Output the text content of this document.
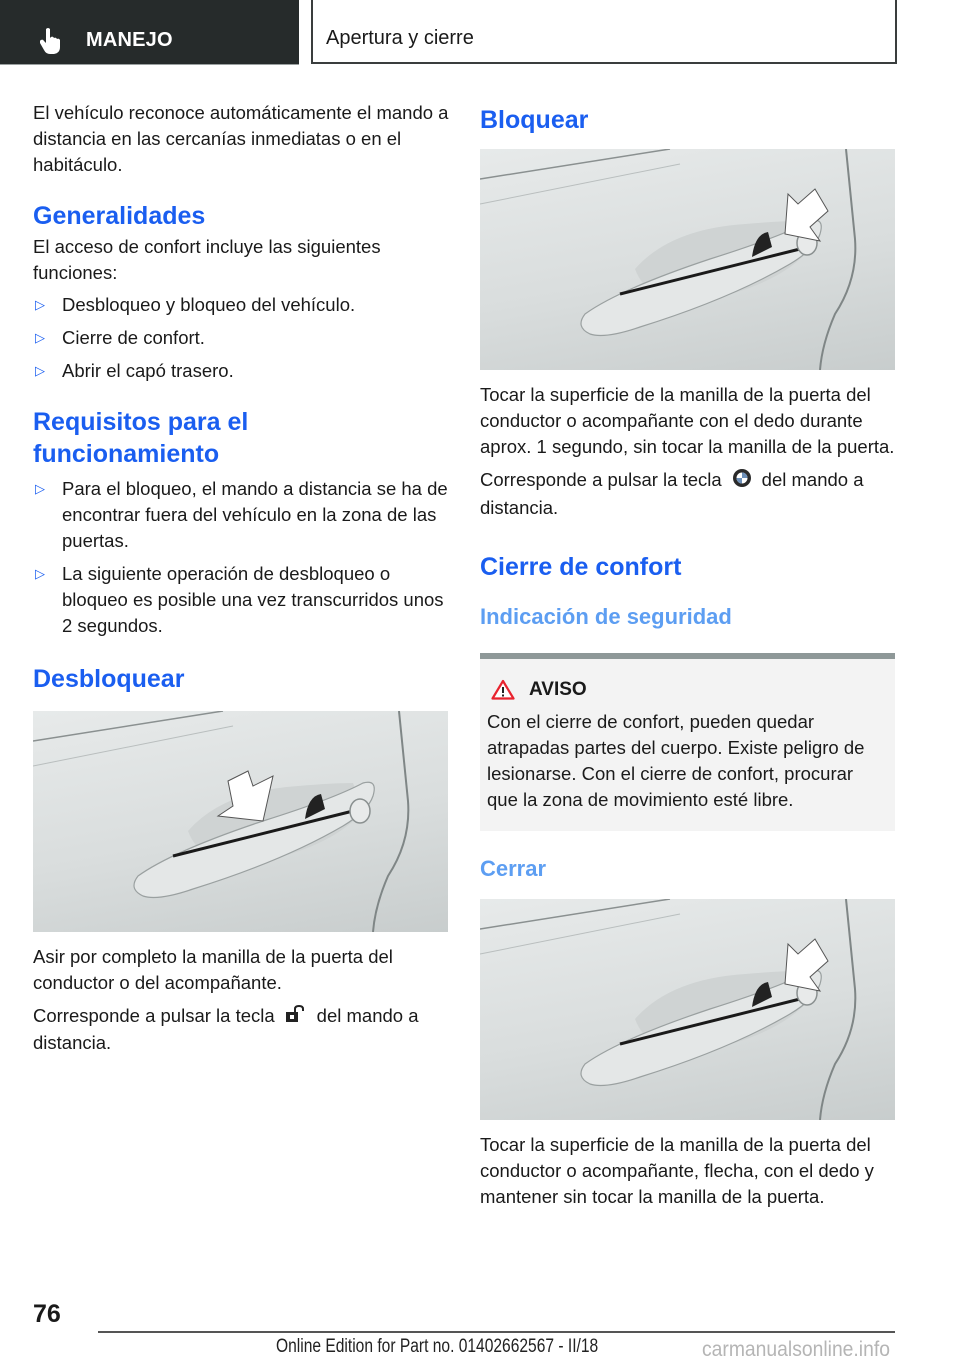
MANEJO	Apertura y cierre

El vehículo reconoce automáticamente el mando a distancia en las cercanías inmediatas o en el habitáculo.

Generalidades

El acceso de confort incluye las siguientes funciones:

▷ Desbloqueo y bloqueo del vehículo.
▷ Cierre de confort.
▷ Abrir el capó trasero.
Requisitos para el funcionamiento
▷ Para el bloqueo, el mando a distancia se ha de encontrar fuera del vehículo en la zona de las puertas.
▷ La siguiente operación de desbloqueo o bloqueo es posible una vez transcurridos unos 2 segundos.
Desbloquear

Asir por completo la manilla de la puerta del conductor o del acompañante.

Corresponde a pulsar la tecla del mando a distancia.

Bloquear

Tocar la superficie de la manilla de la puerta del conductor o acompañante con el dedo durante aprox. 1 segundo, sin tocar la manilla de la puerta.

Corresponde a pulsar la tecla del mando a distancia.

Cierre de confort
Indicación de seguridad
AVISO

Con el cierre de confort, pueden quedar atrapadas partes del cuerpo. Existe peligro de lesionarse. Con el cierre de confort, procurar que la zona de movimiento esté libre.

Cerrar

Tocar la superficie de la manilla de la puerta del conductor o acompañante, flecha, con el dedo y mantener sin tocar la manilla de la puerta.

76
Online Edition for Part no. 01402662567 - II/18	carmanualsonline.info
